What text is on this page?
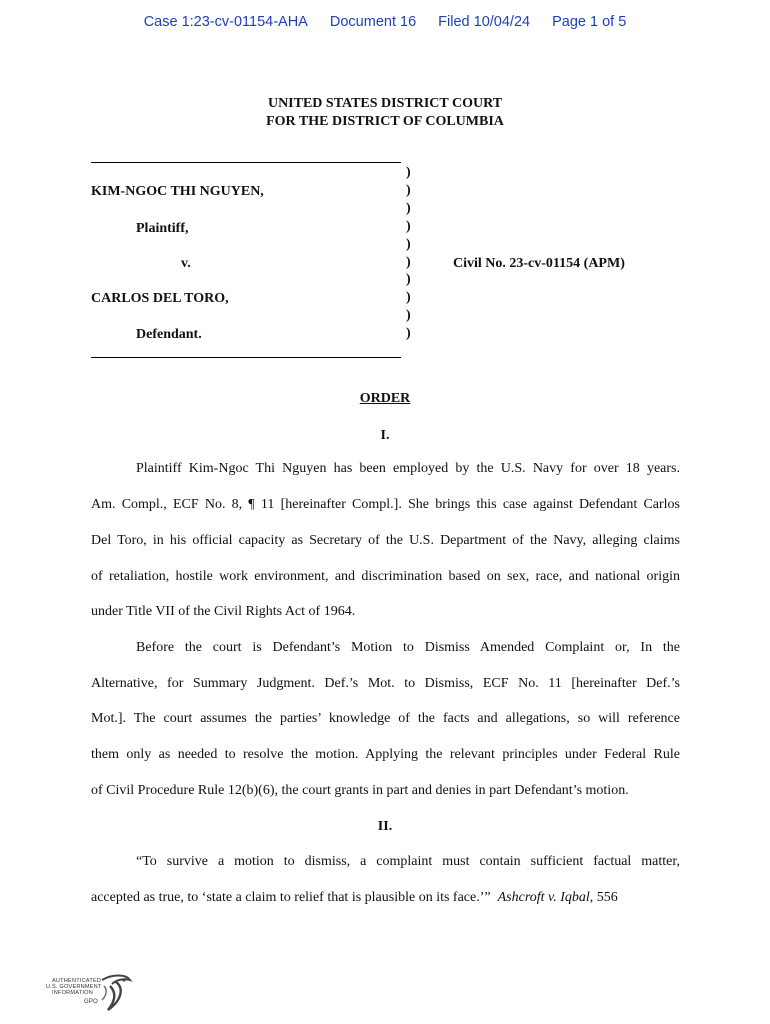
Case 1:23-cv-01154-AHA Document 16 Filed 10/04/24 Page 1 of 5
UNITED STATES DISTRICT COURT
FOR THE DISTRICT OF COLUMBIA
)
)
)
)
)
)
)
)
)
)
KIM-NGOC THI NGUYEN,
Plaintiff,
v.
CARLOS DEL TORO,
Defendant.
Civil No. 23-cv-01154 (APM)
ORDER
I.
Plaintiff Kim-Ngoc Thi Nguyen has been employed by the U.S. Navy for over 18 years.
Am. Compl., ECF No. 8, ¶ 11 [hereinafter Compl.]. She brings this case against Defendant Carlos
Del Toro, in his official capacity as Secretary of the U.S. Department of the Navy, alleging claims
of retaliation, hostile work environment, and discrimination based on sex, race, and national origin
under Title VII of the Civil Rights Act of 1964.
Before the court is Defendant’s Motion to Dismiss Amended Complaint or, In the
Alternative, for Summary Judgment. Def.’s Mot. to Dismiss, ECF No. 11 [hereinafter Def.’s
Mot.]. The court assumes the parties’ knowledge of the facts and allegations, so will reference
them only as needed to resolve the motion. Applying the relevant principles under Federal Rule
of Civil Procedure Rule 12(b)(6), the court grants in part and denies in part Defendant’s motion.
II.
“To survive a motion to dismiss, a complaint must contain sufficient factual matter,
accepted as true, to ‘state a claim to relief that is plausible on its face.’”  Ashcroft v. Iqbal, 556
AUTHENTICATED
U.S. GOVERNMENT
INFORMATION
GPO
